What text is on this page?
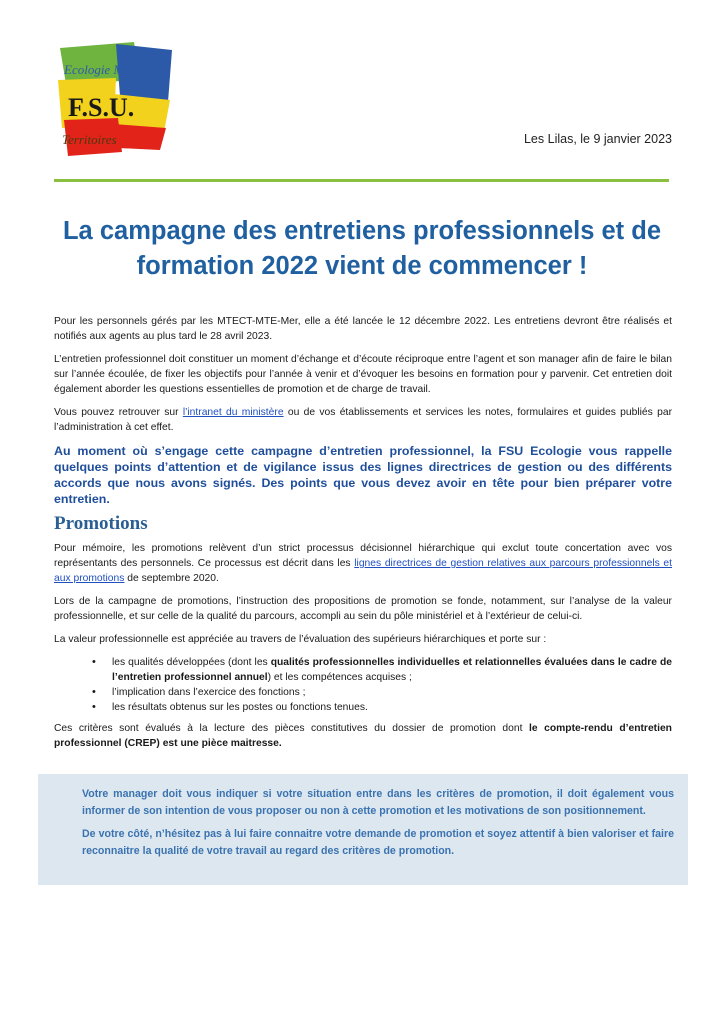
Ecologie Mer
F.S.U.
Territoires	Les Lilas, le 9 janvier 2023
La campagne des entretiens professionnels et de
formation 2022 vient de commencer !

Pour les personnels gérés par les MTECT-MTE-Mer, elle a été lancée le 12 décembre 2022. Les entretiens devront être réalisés et notifiés aux agents au plus tard le 28 avril 2023.

L’entretien professionnel doit constituer un moment d’échange et d’écoute réciproque entre l’agent et son manager afin de faire le bilan sur l’année écoulée, de fixer les objectifs pour l’année à venir et d’évoquer les besoins en formation pour y parvenir. Cet entretien doit également aborder les questions essentielles de promotion et de charge de travail.

Vous pouvez retrouver sur l’intranet du ministère ou de vos établissements et services les notes, formulaires et guides publiés par l’administration à cet effet.

Au moment où s’engage cette campagne d’entretien professionnel, la FSU Ecologie vous rappelle quelques points d’attention et de vigilance issus des lignes directrices de gestion ou des différents accords que nous avons signés. Des points que vous devez avoir en tête pour bien préparer votre entretien.

Promotions

Pour mémoire, les promotions relèvent d’un strict processus décisionnel hiérarchique qui exclut toute concertation avec vos représentants des personnels. Ce processus est décrit dans les lignes directrices de gestion relatives aux parcours professionnels et aux promotions de septembre 2020.

Lors de la campagne de promotions, l’instruction des propositions de promotion se fonde, notamment, sur l’analyse de la valeur professionnelle, et sur celle de la qualité du parcours, accompli au sein du pôle ministériel et à l’extérieur de celui-ci.

La valeur professionnelle est appréciée au travers de l’évaluation des supérieurs hiérarchiques et porte sur :

• les qualités développées (dont les qualités professionnelles individuelles et relationnelles évaluées dans le cadre de l’entretien professionnel annuel) et les compétences acquises ;
• l’implication dans l’exercice des fonctions ;
• les résultats obtenus sur les postes ou fonctions tenues.

Ces critères sont évalués à la lecture des pièces constitutives du dossier de promotion dont le compte-rendu d’entretien professionnel (CREP) est une pièce maitresse.

Votre manager doit vous indiquer si votre situation entre dans les critères de promotion, il doit également vous informer de son intention de vous proposer ou non à cette promotion et les motivations de son positionnement.

De votre côté, n’hésitez pas à lui faire connaitre votre demande de promotion et soyez attentif à bien valoriser et faire reconnaitre la qualité de votre travail au regard des critères de promotion.
